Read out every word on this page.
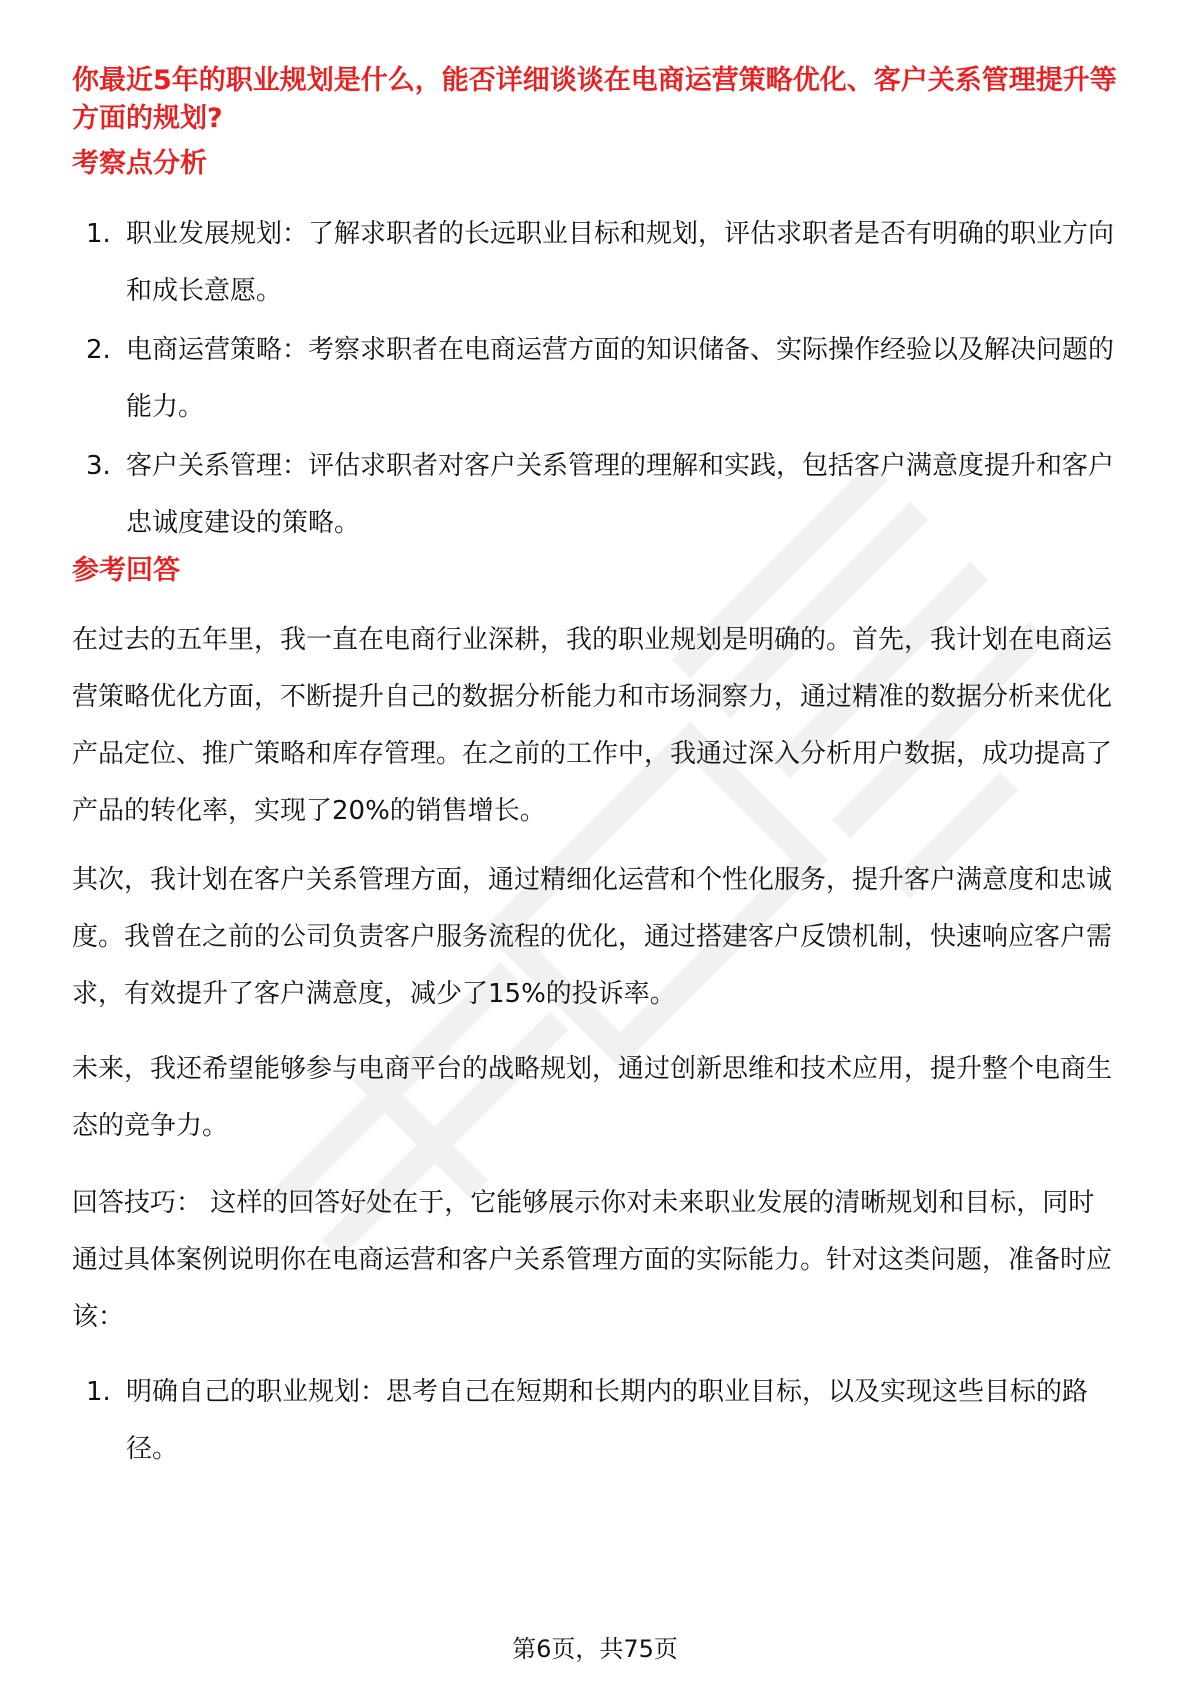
你最近5年的职业规划是什么，能否详细谈谈在电商运营策略优化、客户关系管理提升等方面的规划?
考察点分析
1. 职业发展规划：了解求职者的长远职业目标和规划，评估求职者是否有明确的职业方向和成长意愿。
2. 电商运营策略：考察求职者在电商运营方面的知识储备、实际操作经验以及解决问题的能力。
3. 客户关系管理：评估求职者对客户关系管理的理解和实践，包括客户满意度提升和客户忠诚度建设的策略。
参考回答
在过去的五年里，我一直在电商行业深耕，我的职业规划是明确的。首先，我计划在电商运营策略优化方面，不断提升自己的数据分析能力和市场洞察力，通过精准的数据分析来优化产品定位、推广策略和库存管理。在之前的工作中，我通过深入分析用户数据，成功提高了产品的转化率，实现了20%的销售增长。
其次，我计划在客户关系管理方面，通过精细化运营和个性化服务，提升客户满意度和忠诚度。我曾在之前的公司负责客户服务流程的优化，通过搭建客户反馈机制，快速响应客户需求，有效提升了客户满意度，减少了15%的投诉率。
未来，我还希望能够参与电商平台的战略规划，通过创新思维和技术应用，提升整个电商生态的竞争力。
回答技巧： 这样的回答好处在于，它能够展示你对未来职业发展的清晰规划和目标，同时通过具体案例说明你在电商运营和客户关系管理方面的实际能力。针对这类问题，准备时应该：
1. 明确自己的职业规划：思考自己在短期和长期内的职业目标，以及实现这些目标的路径。
第6页，共75页
